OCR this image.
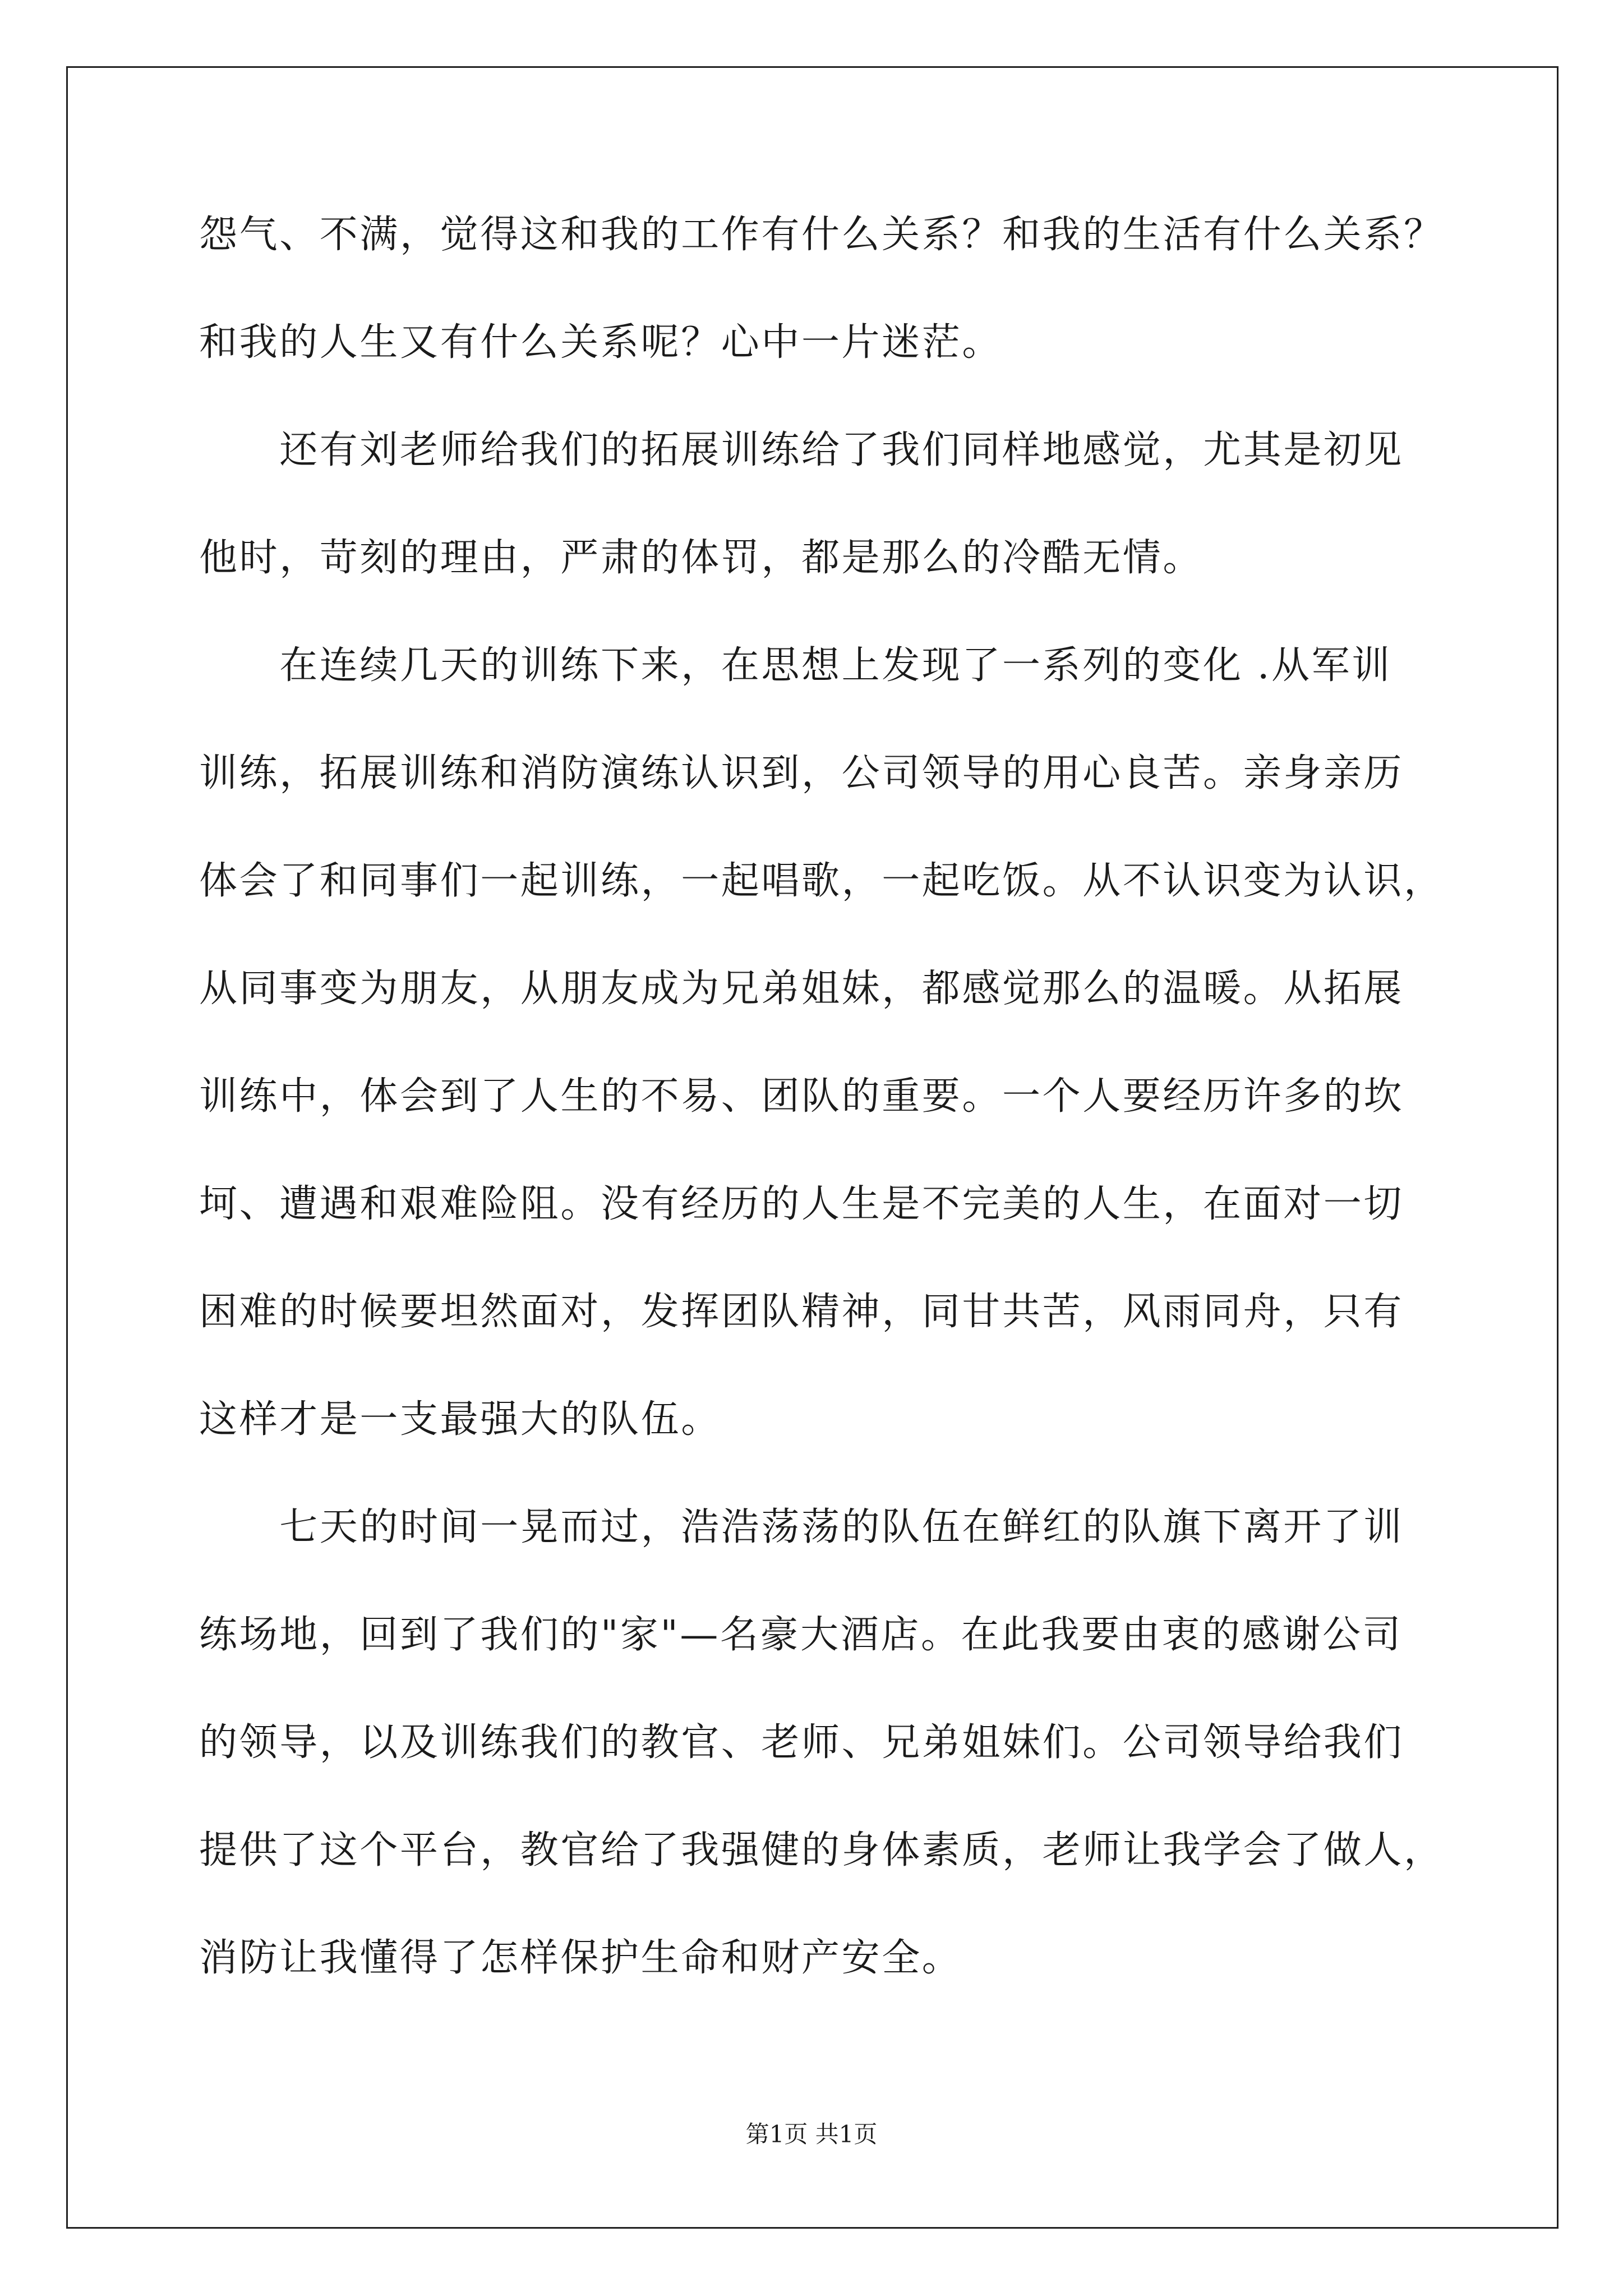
怨气、不满，觉得这和我的工作有什么关系？和我的生活有什么关系？
和我的人生又有什么关系呢？心中一片迷茫。
　　还有刘老师给我们的拓展训练给了我们同样地感觉，尤其是初见
他时，苛刻的理由，严肃的体罚，都是那么的冷酷无情。
　　在连续几天的训练下来，在思想上发现了一系列的变化 .从军训
训练，拓展训练和消防演练认识到，公司领导的用心良苦。亲身亲历
体会了和同事们一起训练，一起唱歌，一起吃饭。从不认识变为认识，
从同事变为朋友，从朋友成为兄弟姐妹，都感觉那么的温暖。从拓展
训练中，体会到了人生的不易、团队的重要。一个人要经历许多的坎
坷、遭遇和艰难险阻。没有经历的人生是不完美的人生，在面对一切
困难的时候要坦然面对，发挥团队精神，同甘共苦，风雨同舟，只有
这样才是一支最强大的队伍。
　　七天的时间一晃而过，浩浩荡荡的队伍在鲜红的队旗下离开了训
练场地，回到了我们的"家"—名豪大酒店。在此我要由衷的感谢公司
的领导，以及训练我们的教官、老师、兄弟姐妹们。公司领导给我们
提供了这个平台，教官给了我强健的身体素质，老师让我学会了做人，
消防让我懂得了怎样保护生命和财产安全。
第1页 共1页
